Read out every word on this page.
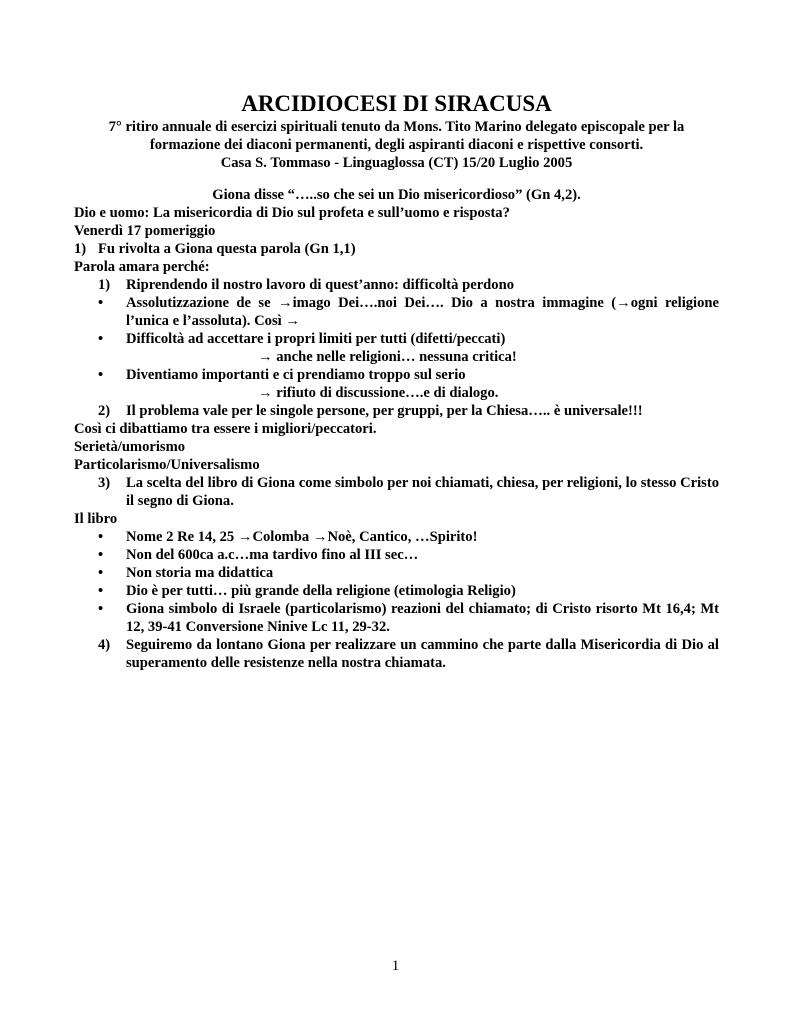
ARCIDIOCESI DI SIRACUSA
7° ritiro annuale di esercizi spirituali tenuto da Mons. Tito Marino delegato episcopale per la
formazione dei diaconi permanenti, degli aspiranti diaconi e rispettive consorti.
Casa S. Tommaso - Linguaglossa (CT) 15/20 Luglio 2005
Giona disse “…..so che sei un Dio misericordioso” (Gn 4,2).
Dio e uomo: La misericordia di Dio sul profeta e sull’uomo e risposta?
Venerdì 17 pomeriggio
1) Fu rivolta a Giona questa parola (Gn 1,1)
Parola amara perché:
1)	Riprendendo il nostro lavoro di quest’anno: difficoltà perdono
•	Assolutizzazione de se →imago Dei….noi Dei…. Dio a nostra immagine (→ogni religione l’unica e l’assoluta). Così →
•	Difficoltà ad accettare i propri limiti per tutti (difetti/peccati)
→ anche nelle religioni… nessuna critica!
•	Diventiamo importanti e ci prendiamo troppo sul serio
→ rifiuto di discussione….e di dialogo.
2)	Il problema vale per le singole persone, per gruppi, per la Chiesa….. è universale!!!
Così ci dibattiamo tra essere i migliori/peccatori.
Serietà/umorismo
Particolarismo/Universalismo
3)	La scelta del libro di Giona come simbolo per noi chiamati, chiesa, per religioni, lo stesso Cristo il segno di Giona.
Il libro
•	Nome 2 Re 14, 25 →Colomba →Noè, Cantico, …Spirito!
•	Non del 600ca a.c…ma tardivo fino al III sec…
•	Non storia ma didattica
•	Dio è per tutti… più grande della religione (etimologia Religio)
•	Giona simbolo di Israele (particolarismo) reazioni del chiamato; di Cristo risorto Mt 16,4; Mt 12, 39-41 Conversione Ninive Lc 11, 29-32.
4)	Seguiremo da lontano Giona per realizzare un cammino che parte dalla Misericordia di Dio al superamento delle resistenze nella nostra chiamata.
1
